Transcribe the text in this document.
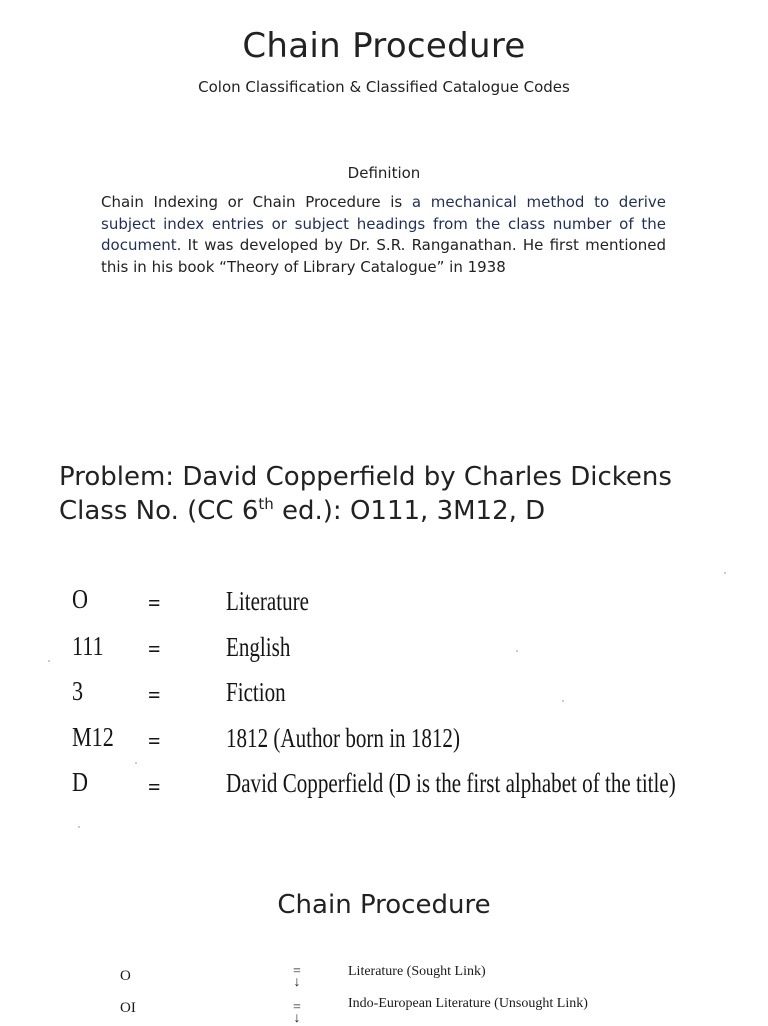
Chain Procedure
Colon Classification & Classified Catalogue Codes
Definition
Chain Indexing or Chain Procedure is a mechanical method to derive subject index entries or subject headings from the class number of the document. It was developed by Dr. S.R. Ranganathan. He first mentioned this in his book “Theory of Library Catalogue” in 1938
Problem: David Copperfield by Charles Dickens
Class No. (CC 6th ed.): O111, 3M12, D
O	= Literature
111 = English
3	= Fiction
M12 = 1812 (Author born in 1812)
D	= David Copperfield (D is the first alphabet of the title)
Chain Procedure
O	=
↓
Literature (Sought Link)
OI	=
↓
Indo-European Literature (Unsought Link)
